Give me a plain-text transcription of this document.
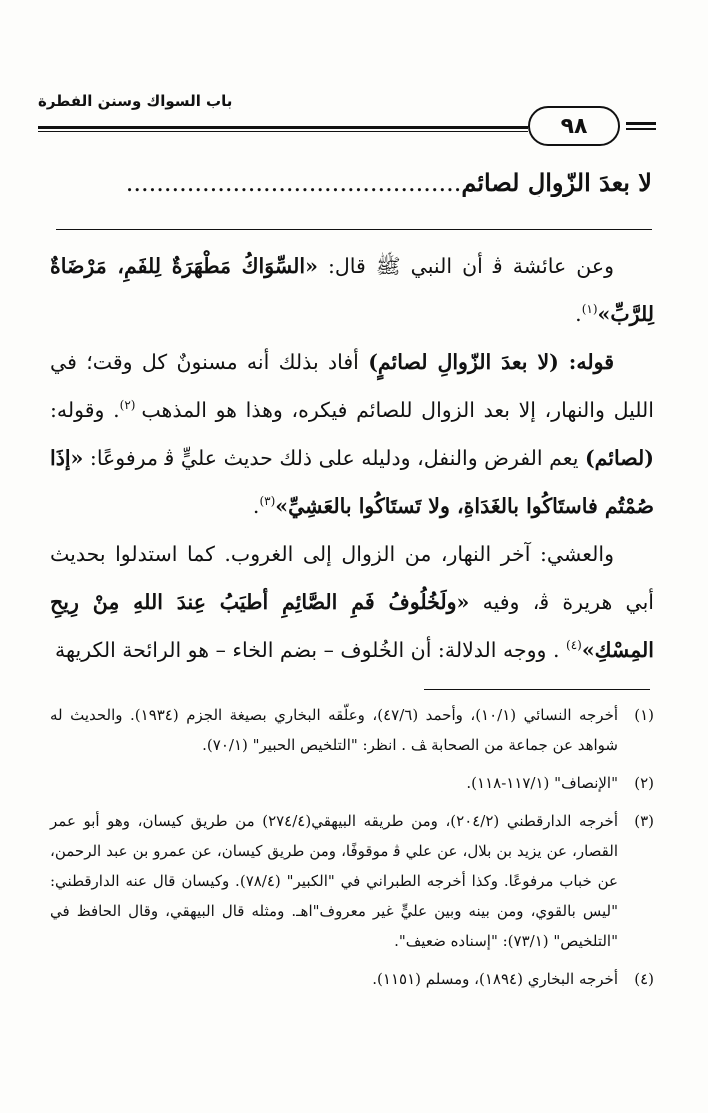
باب السواك وسنن الفطرة
٩٨
لا بعدَ الزّوالِ لصائمٍ............................................

وعن عائشة ﭬ أن النبي ﷺ قال: «السِّوَاكُ مَطْهَرَةٌ لِلفَمِ، مَرْضَاةٌ لِلرَّبِّ»$^{(١)}$.

قوله: (لا بعدَ الزّوالِ لصائمٍ) أفاد بذلك أنه مسنونٌ كل وقت؛ في الليل والنهار، إلا بعد الزوال للصائم فيكره، وهذا هو المذهب $^{(٢)}$. وقوله: (لصائم) يعم الفرض والنفل، ودليله على ذلك حديث عليٍّ ﭬ مرفوعًا: «إذَا صُمْتُم فاستَاكُوا بالغَدَاةِ، ولا تَستَاكُوا بالعَشِيِّ»$^{(٣)}$.

والعشي: آخر النهار، من الزوال إلى الغروب. كما استدلوا بحديث أبي هريرة ﭬ، وفيه «ولَخُلُوفُ فَمِ الصَّائِمِ أطيَبُ عِندَ اللهِ مِنْ رِيحِ المِسْكِ»$^{(٤)}$ . ووجه الدلالة: أن الخُلوف – بضم الخاء – هو الرائحة الكريهة

(١)
أخرجه النسائي (١٠/١)، وأحمد (٤٧/٦)، وعلّقه البخاري بصيغة الجزم (١٩٣٤). والحديث له شواهد عن جماعة من الصحابة ﭫ . انظر: "التلخيص الحبير" (٧٠/١).
(٢)
"الإنصاف" (١١٧/١-١١٨).
(٣)
أخرجه الدارقطني (٢٠٤/٢)، ومن طريقه البيهقي(٢٧٤/٤) من طريق كيسان، وهو أبو عمر القصار، عن يزيد بن بلال، عن علي ﭬ موقوفًا، ومن طريق كيسان، عن عمرو بن عبد الرحمن، عن خباب مرفوعًا. وكذا أخرجه الطبراني في "الكبير" (٧٨/٤). وكيسان قال عنه الدارقطني: "ليس بالقوي، ومن بينه وبين عليٍّ غير معروف"اهـ. ومثله قال البيهقي، وقال الحافظ في "التلخيص" (٧٣/١): "إسناده ضعيف".
(٤)
أخرجه البخاري (١٨٩٤)، ومسلم (١١٥١).
